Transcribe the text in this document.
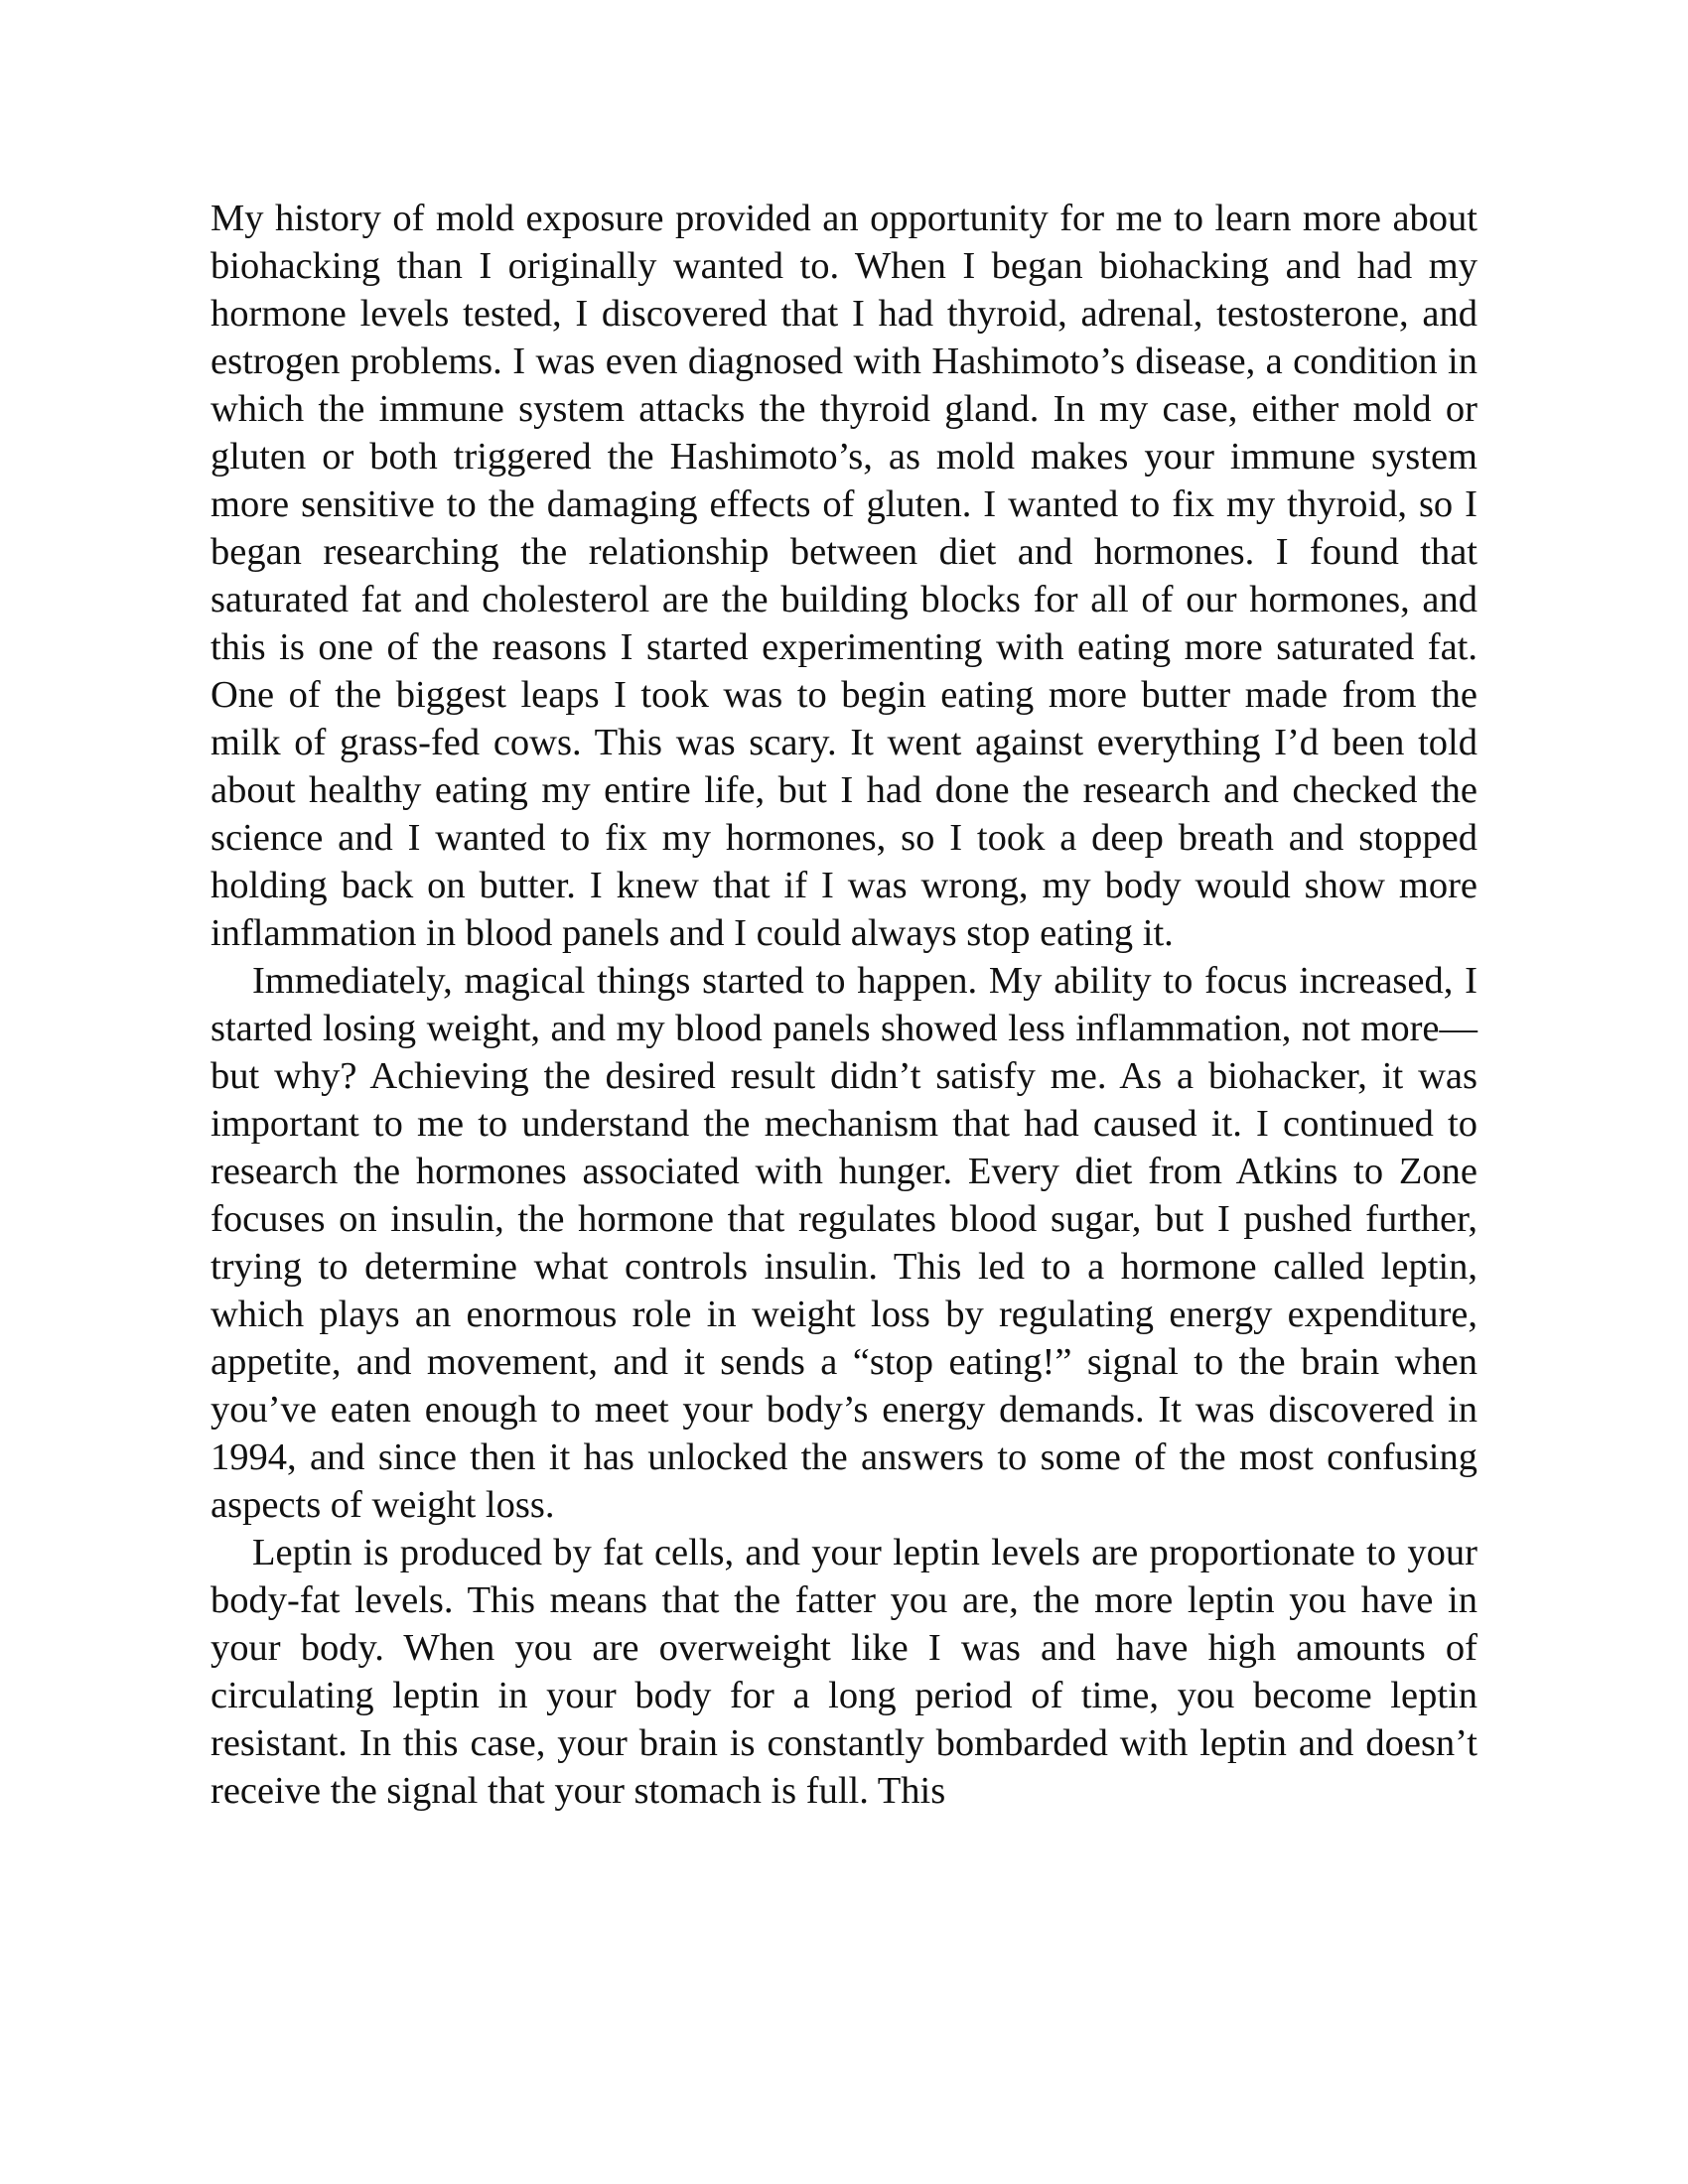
My history of mold exposure provided an opportunity for me to learn more about biohacking than I originally wanted to. When I began biohacking and had my hormone levels tested, I discovered that I had thyroid, adrenal, testosterone, and estrogen problems. I was even diagnosed with Hashimoto’s disease, a condition in which the immune system attacks the thyroid gland. In my case, either mold or gluten or both triggered the Hashimoto’s, as mold makes your immune system more sensitive to the damaging effects of gluten. I wanted to fix my thyroid, so I began researching the relationship between diet and hormones. I found that saturated fat and cholesterol are the building blocks for all of our hormones, and this is one of the reasons I started experimenting with eating more saturated fat. One of the biggest leaps I took was to begin eating more butter made from the milk of grass-fed cows. This was scary. It went against everything I’d been told about healthy eating my entire life, but I had done the research and checked the science and I wanted to fix my hormones, so I took a deep breath and stopped holding back on butter. I knew that if I was wrong, my body would show more inflammation in blood panels and I could always stop eating it.

Immediately, magical things started to happen. My ability to focus increased, I started losing weight, and my blood panels showed less inflammation, not more—but why? Achieving the desired result didn’t satisfy me. As a biohacker, it was important to me to understand the mechanism that had caused it. I continued to research the hormones associated with hunger. Every diet from Atkins to Zone focuses on insulin, the hormone that regulates blood sugar, but I pushed further, trying to determine what controls insulin. This led to a hormone called leptin, which plays an enormous role in weight loss by regulating energy expenditure, appetite, and movement, and it sends a “stop eating!” signal to the brain when you’ve eaten enough to meet your body’s energy demands. It was discovered in 1994, and since then it has unlocked the answers to some of the most confusing aspects of weight loss.

Leptin is produced by fat cells, and your leptin levels are proportionate to your body-fat levels. This means that the fatter you are, the more leptin you have in your body. When you are overweight like I was and have high amounts of circulating leptin in your body for a long period of time, you become leptin resistant. In this case, your brain is constantly bombarded with leptin and doesn’t receive the signal that your stomach is full. This
